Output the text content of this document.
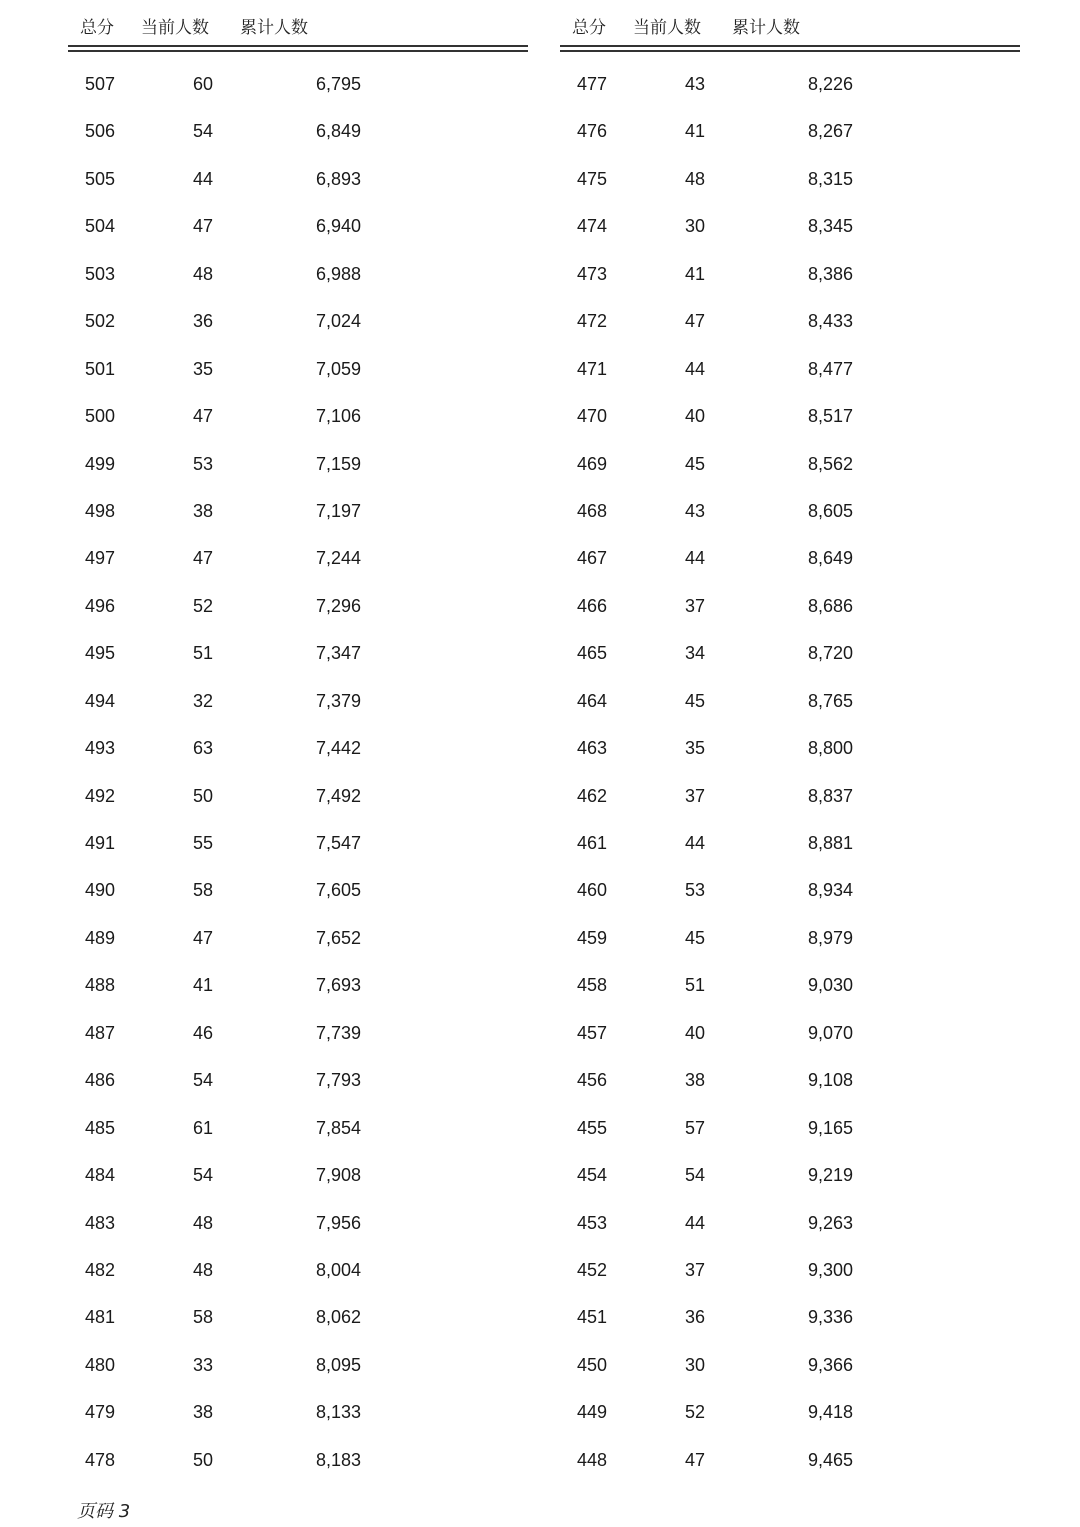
总分 当前人数 累计人数
507	60	6,795
506	54	6,849
505	44	6,893
504	47	6,940
503	48	6,988
502	36	7,024
501	35	7,059
500	47	7,106
499	53	7,159
498	38	7,197
497	47	7,244
496	52	7,296
495	51	7,347
494	32	7,379
493	63	7,442
492	50	7,492
491	55	7,547
490	58	7,605
489	47	7,652
488	41	7,693
487	46	7,739
486	54	7,793
485	61	7,854
484	54	7,908
483	48	7,956
482	48	8,004
481	58	8,062
480	33	8,095
479	38	8,133
478	50	8,183
总分 当前人数 累计人数
477	43	8,226
476	41	8,267
475	48	8,315
474	30	8,345
473	41	8,386
472	47	8,433
471	44	8,477
470	40	8,517
469	45	8,562
468	43	8,605
467	44	8,649
466	37	8,686
465	34	8,720
464	45	8,765
463	35	8,800
462	37	8,837
461	44	8,881
460	53	8,934
459	45	8,979
458	51	9,030
457	40	9,070
456	38	9,108
455	57	9,165
454	54	9,219
453	44	9,263
452	37	9,300
451	36	9,336
450	30	9,366
449	52	9,418
448	47	9,465
页码 3
